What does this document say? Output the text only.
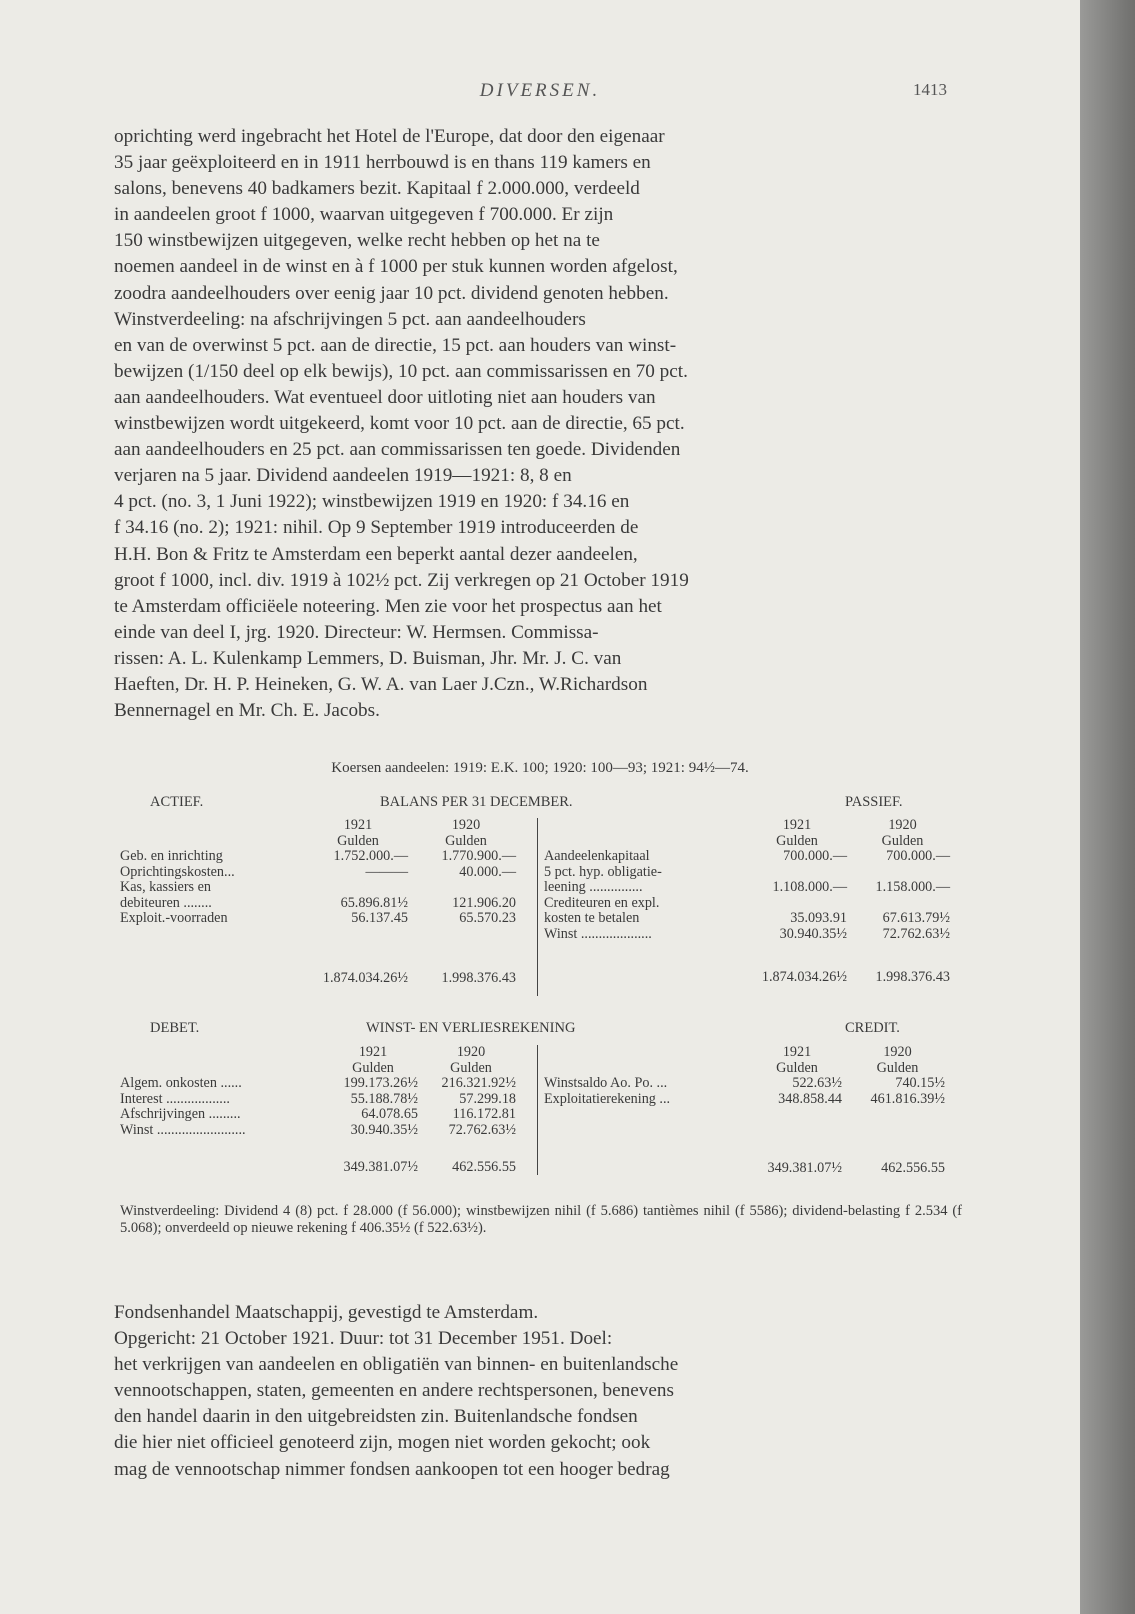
DIVERSEN.	1413

oprichting werd ingebracht het Hotel de l'Europe, dat door den eigenaar

35 jaar geëxploiteerd en in 1911 herrbouwd is en thans 119 kamers en

salons, benevens 40 badkamers bezit. Kapitaal f 2.000.000, verdeeld

in aandeelen groot f 1000, waarvan uitgegeven f 700.000. Er zijn

150 winstbewijzen uitgegeven, welke recht hebben op het na te

noemen aandeel in de winst en à f 1000 per stuk kunnen worden afgelost,

zoodra aandeelhouders over eenig jaar 10 pct. dividend genoten hebben.

Winstverdeeling: na afschrijvingen 5 pct. aan aandeelhouders

en van de overwinst 5 pct. aan de directie, 15 pct. aan houders van winst-

bewijzen (1/150 deel op elk bewijs), 10 pct. aan commissarissen en 70 pct.

aan aandeelhouders. Wat eventueel door uitloting niet aan houders van

winstbewijzen wordt uitgekeerd, komt voor 10 pct. aan de directie, 65 pct.

aan aandeelhouders en 25 pct. aan commissarissen ten goede. Dividenden

verjaren na 5 jaar. Dividend aandeelen 1919—1921: 8, 8 en

4 pct. (no. 3, 1 Juni 1922); winstbewijzen 1919 en 1920: f 34.16 en

f 34.16 (no. 2); 1921: nihil. Op 9 September 1919 introduceerden de

H.H. Bon & Fritz te Amsterdam een beperkt aantal dezer aandeelen,

groot f 1000, incl. div. 1919 à 102½ pct. Zij verkregen op 21 October 1919

te Amsterdam officiëele noteering. Men zie voor het prospectus aan het

einde van deel I, jrg. 1920. Directeur: W. Hermsen. Commissa-

rissen: A. L. Kulenkamp Lemmers, D. Buisman, Jhr. Mr. J. C. van

Haeften, Dr. H. P. Heineken, G. W. A. van Laer J.Czn., W.Richardson

Bennernagel en Mr. Ch. E. Jacobs.

Koersen aandeelen: 1919: E.K. 100; 1920: 100—93; 1921: 94½—74.
ACTIEF.	BALANS PER 31 DECEMBER.	PASSIEF.
	1921	1920
	Gulden	Gulden
Geb. en inrichting	1.752.000.—	1.770.900.—
Oprichtingskosten...	———	40.000.—
Kas, kassiers en		
debiteuren ........	65.896.81½	121.906.20
Exploit.-voorraden	56.137.45	65.570.23

	1.874.034.26½	1.998.376.43
	1921	1920
	Gulden	Gulden
Aandeelenkapitaal	700.000.—	700.000.—
5 pct. hyp. obligatie-		
leening ...............	1.108.000.—	1.158.000.—
Crediteuren en expl.		
kosten te betalen	35.093.91	67.613.79½
Winst ....................	30.940.35½	72.762.63½

	1.874.034.26½	1.998.376.43
DEBET.	WINST- EN VERLIESREKENING	CREDIT.
	1921	1920
	Gulden	Gulden
Algem. onkosten ......	199.173.26½	216.321.92½
Interest ..................	55.188.78½	57.299.18
Afschrijvingen .........	64.078.65	116.172.81
Winst .........................	30.940.35½	72.762.63½

	349.381.07½	462.556.55
	1921	1920
	Gulden	Gulden
Winstsaldo Ao. Po. ...	522.63½	740.15½
Exploitatierekening ...	348.858.44	461.816.39½

	349.381.07½	462.556.55
Winstverdeeling: Dividend 4 (8) pct. f 28.000 (f 56.000); winstbewijzen nihil (f 5.686) tantièmes nihil (f 5586); dividend-belasting f 2.534 (f 5.068); onverdeeld op nieuwe rekening f 406.35½ (f 522.63½).

Fondsenhandel Maatschappij, gevestigd te Amsterdam.

Opgericht: 21 October 1921. Duur: tot 31 December 1951. Doel:

het verkrijgen van aandeelen en obligatiën van binnen- en buitenlandsche

vennootschappen, staten, gemeenten en andere rechtspersonen, benevens

den handel daarin in den uitgebreidsten zin. Buitenlandsche fondsen

die hier niet officieel genoteerd zijn, mogen niet worden gekocht; ook

mag de vennootschap nimmer fondsen aankoopen tot een hooger bedrag
